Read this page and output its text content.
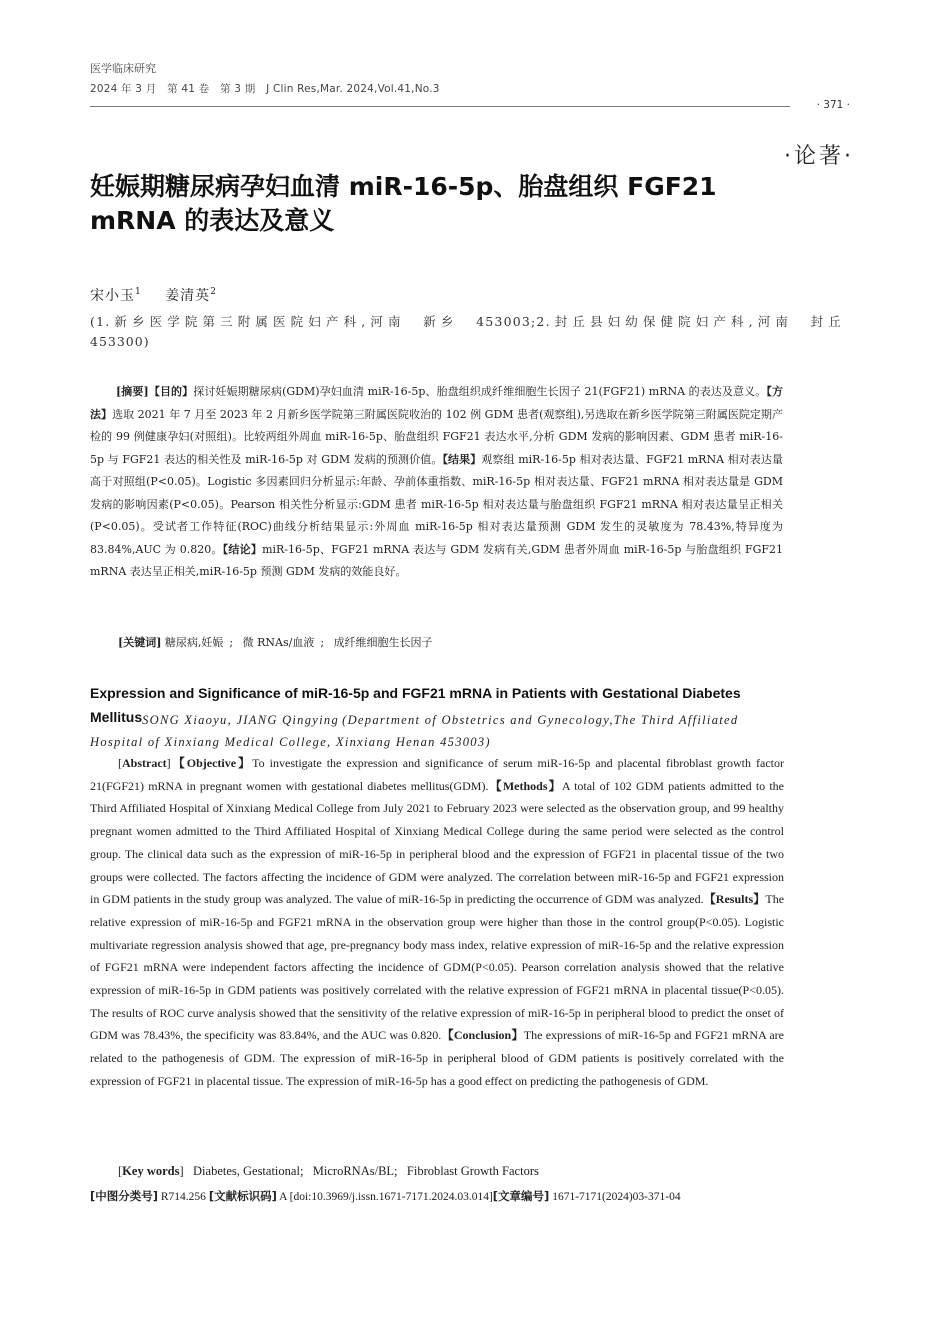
医学临床研究
2024 年 3 月　第 41 卷　第 3 期　J Clin Res,Mar. 2024,Vol.41,No.3
· 371 ·
·论著·
妊娠期糖尿病孕妇血清 miR-16-5p、胎盘组织 FGF21 mRNA 的表达及意义
宋小玉$^1$ 姜清英$^2$
(1.新乡医学院第三附属医院妇产科,河南　新乡　453003;2.封丘县妇幼保健院妇产科,河南　封丘
453300)
[摘要]【目的】探讨妊娠期糖尿病(GDM)孕妇血清 miR-16-5p、胎盘组织成纤维细胞生长因子 21(FGF21) mRNA 的表达及意义。【方法】选取 2021 年 7 月至 2023 年 2 月新乡医学院第三附属医院收治的 102 例 GDM 患者(观察组),另选取在新乡医学院第三附属医院定期产检的 99 例健康孕妇(对照组)。比较两组外周血 miR-16-5p、胎盘组织 FGF21 表达水平,分析 GDM 发病的影响因素、GDM 患者 miR-16-5p 与 FGF21 表达的相关性及 miR-16-5p 对 GDM 发病的预测价值。【结果】观察组 miR-16-5p 相对表达量、FGF21 mRNA 相对表达量高于对照组(P<0.05)。Logistic 多因素回归分析显示:年龄、孕前体重指数、miR-16-5p 相对表达量、FGF21 mRNA 相对表达量是 GDM 发病的影响因素(P<0.05)。Pearson 相关性分析显示:GDM 患者 miR-16-5p 相对表达量与胎盘组织 FGF21 mRNA 相对表达量呈正相关(P<0.05)。受试者工作特征(ROC)曲线分析结果显示:外周血 miR-16-5p 相对表达量预测 GDM 发生的灵敏度为 78.43%,特异度为 83.84%,AUC 为 0.820。【结论】miR-16-5p、FGF21 mRNA 表达与 GDM 发病有关,GDM 患者外周血 miR-16-5p 与胎盘组织 FGF21 mRNA 表达呈正相关,miR-16-5p 预测 GDM 发病的效能良好。
[关键词] 糖尿病,妊娠 ; 微 RNAs/血液 ; 成纤维细胞生长因子
Expression and Significance of miR-16-5p and FGF21 mRNA in Patients with Gestational Diabetes Mellitus SONG Xiaoyu, JIANG Qingying (Department of Obstetrics and Gynecology,The Third Affiliated Hospital of Xinxiang Medical College, Xinxiang Henan 453003)
[Abstract]【Objective】To investigate the expression and significance of serum miR-16-5p and placental fibroblast growth factor 21(FGF21) mRNA in pregnant women with gestational diabetes mellitus(GDM).【Methods】A total of 102 GDM patients admitted to the Third Affiliated Hospital of Xinxiang Medical College from July 2021 to February 2023 were selected as the observation group, and 99 healthy pregnant women admitted to the Third Affiliated Hospital of Xinxiang Medical College during the same period were selected as the control group. The clinical data such as the expression of miR-16-5p in peripheral blood and the expression of FGF21 in placental tissue of the two groups were collected. The factors affecting the incidence of GDM were analyzed. The correlation between miR-16-5p and FGF21 expression in GDM patients in the study group was analyzed. The value of miR-16-5p in predicting the occurrence of GDM was analyzed.【Results】The relative expression of miR-16-5p and FGF21 mRNA in the observation group were higher than those in the control group(P<0.05). Logistic multivariate regression analysis showed that age, pre-pregnancy body mass index, relative expression of miR-16-5p and the relative expression of FGF21 mRNA were independent factors affecting the incidence of GDM(P<0.05). Pearson correlation analysis showed that the relative expression of miR-16-5p in GDM patients was positively correlated with the relative expression of FGF21 mRNA in placental tissue(P<0.05). The results of ROC curve analysis showed that the sensitivity of the relative expression of miR-16-5p in peripheral blood to predict the onset of GDM was 78.43%, the specificity was 83.84%, and the AUC was 0.820.【Conclusion】The expressions of miR-16-5p and FGF21 mRNA are related to the pathogenesis of GDM. The expression of miR-16-5p in peripheral blood of GDM patients is positively correlated with the expression of FGF21 in placental tissue. The expression of miR-16-5p has a good effect on predicting the pathogenesis of GDM.
[Key words]   Diabetes, Gestational;   MicroRNAs/BL;   Fibroblast Growth Factors
[中图分类号] R714.256 [文献标识码] A [doi:10.3969/j.issn.1671-7171.2024.03.014][文章编号] 1671-7171(2024)03-371-04
